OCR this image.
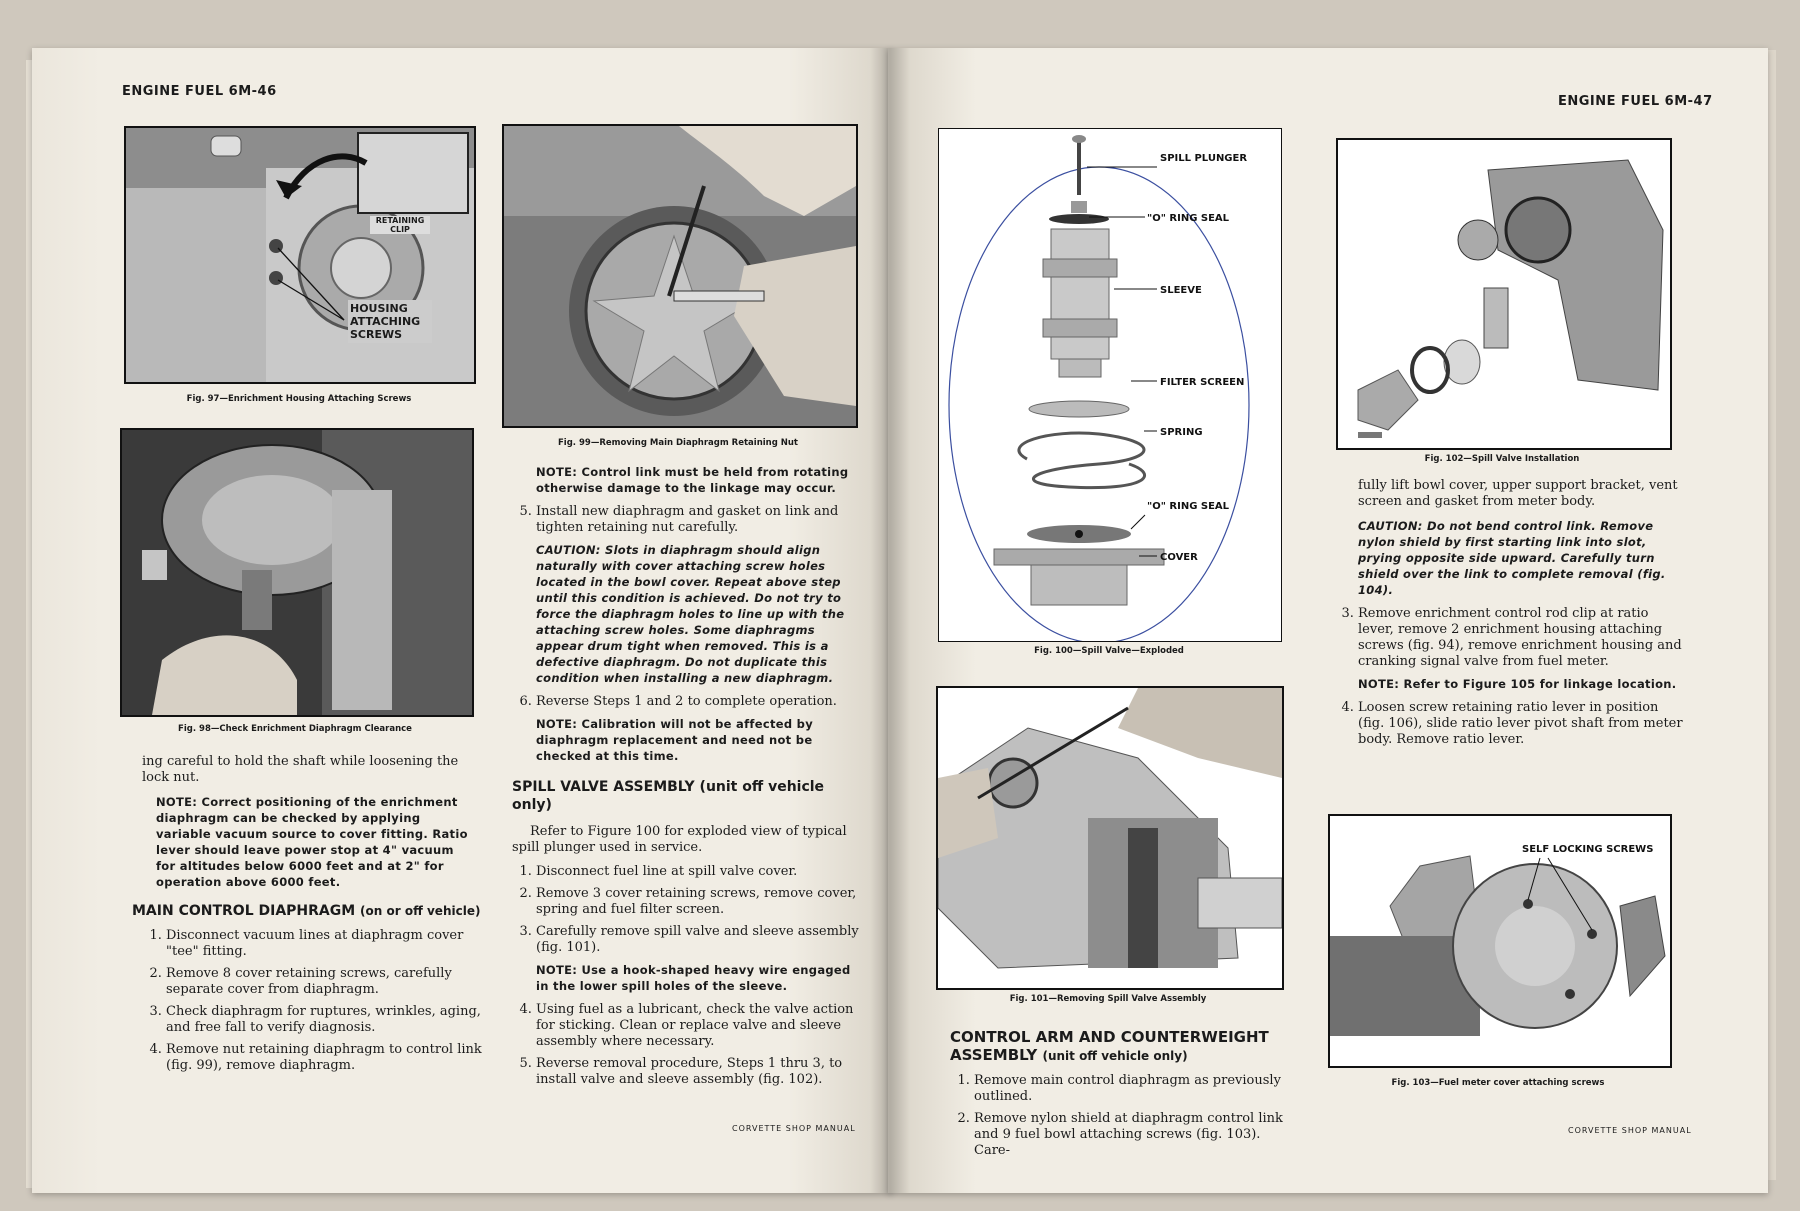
ENGINE FUEL 6M-46
RETAINING CLIP
HOUSING ATTACHING SCREWS
Fig. 97—Enrichment Housing Attaching Screws
Fig. 98—Check Enrichment Diaphragm Clearance

ing careful to hold the shaft while loosening the lock nut.

NOTE: Correct positioning of the enrichment diaphragm can be checked by applying variable vacuum source to cover fitting. Ratio lever should leave power stop at 4" vacuum for altitudes below 6000 feet and at 2" for operation above 6000 feet.

MAIN CONTROL DIAPHRAGM (on or off vehicle)
1. Disconnect vacuum lines at diaphragm cover "tee" fitting.
2. Remove 8 cover retaining screws, carefully separate cover from diaphragm.
3. Check diaphragm for ruptures, wrinkles, aging, and free fall to verify diagnosis.
4. Remove nut retaining diaphragm to control link (fig. 99), remove diaphragm.
Fig. 99—Removing Main Diaphragm Retaining Nut

NOTE: Control link must be held from rotating otherwise damage to the linkage may occur.

5. Install new diaphragm and gasket on link and tighten retaining nut carefully.

CAUTION: Slots in diaphragm should align naturally with cover attaching screw holes located in the bowl cover. Repeat above step until this condition is achieved. Do not try to force the diaphragm holes to line up with the attaching screw holes. Some diaphragms appear drum tight when removed. This is a defective diaphragm. Do not duplicate this condition when installing a new diaphragm.

6. Reverse Steps 1 and 2 to complete operation.

NOTE: Calibration will not be affected by diaphragm replacement and need not be checked at this time.

SPILL VALVE ASSEMBLY (unit off vehicle only)

Refer to Figure 100 for exploded view of typical spill plunger used in service.

1. Disconnect fuel line at spill valve cover.
2. Remove 3 cover retaining screws, remove cover, spring and fuel filter screen.
3. Carefully remove spill valve and sleeve assembly (fig. 101).

NOTE: Use a hook-shaped heavy wire engaged in the lower spill holes of the sleeve.

4. Using fuel as a lubricant, check the valve action for sticking. Clean or replace valve and sleeve assembly where necessary.
5. Reverse removal procedure, Steps 1 thru 3, to install valve and sleeve assembly (fig. 102).
CORVETTE SHOP MANUAL
ENGINE FUEL 6M-47
SPILL PLUNGER
"O" RING SEAL
SLEEVE
FILTER SCREEN
SPRING
"O" RING SEAL
COVER
Fig. 100—Spill Valve—Exploded
Fig. 101—Removing Spill Valve Assembly
CONTROL ARM AND COUNTERWEIGHT ASSEMBLY (unit off vehicle only)
1. Remove main control diaphragm as previously outlined.
2. Remove nylon shield at diaphragm control link and 9 fuel bowl attaching screws (fig. 103). Care-
Fig. 102—Spill Valve Installation

fully lift bowl cover, upper support bracket, vent screen and gasket from meter body.

CAUTION: Do not bend control link. Remove nylon shield by first starting link into slot, prying opposite side upward. Carefully turn shield over the link to complete removal (fig. 104).

3. Remove enrichment control rod clip at ratio lever, remove 2 enrichment housing attaching screws (fig. 94), remove enrichment housing and cranking signal valve from fuel meter.

NOTE: Refer to Figure 105 for linkage location.

4. Loosen screw retaining ratio lever in position (fig. 106), slide ratio lever pivot shaft from meter body. Remove ratio lever.
SELF LOCKING SCREWS
Fig. 103—Fuel meter cover attaching screws
CORVETTE SHOP MANUAL
